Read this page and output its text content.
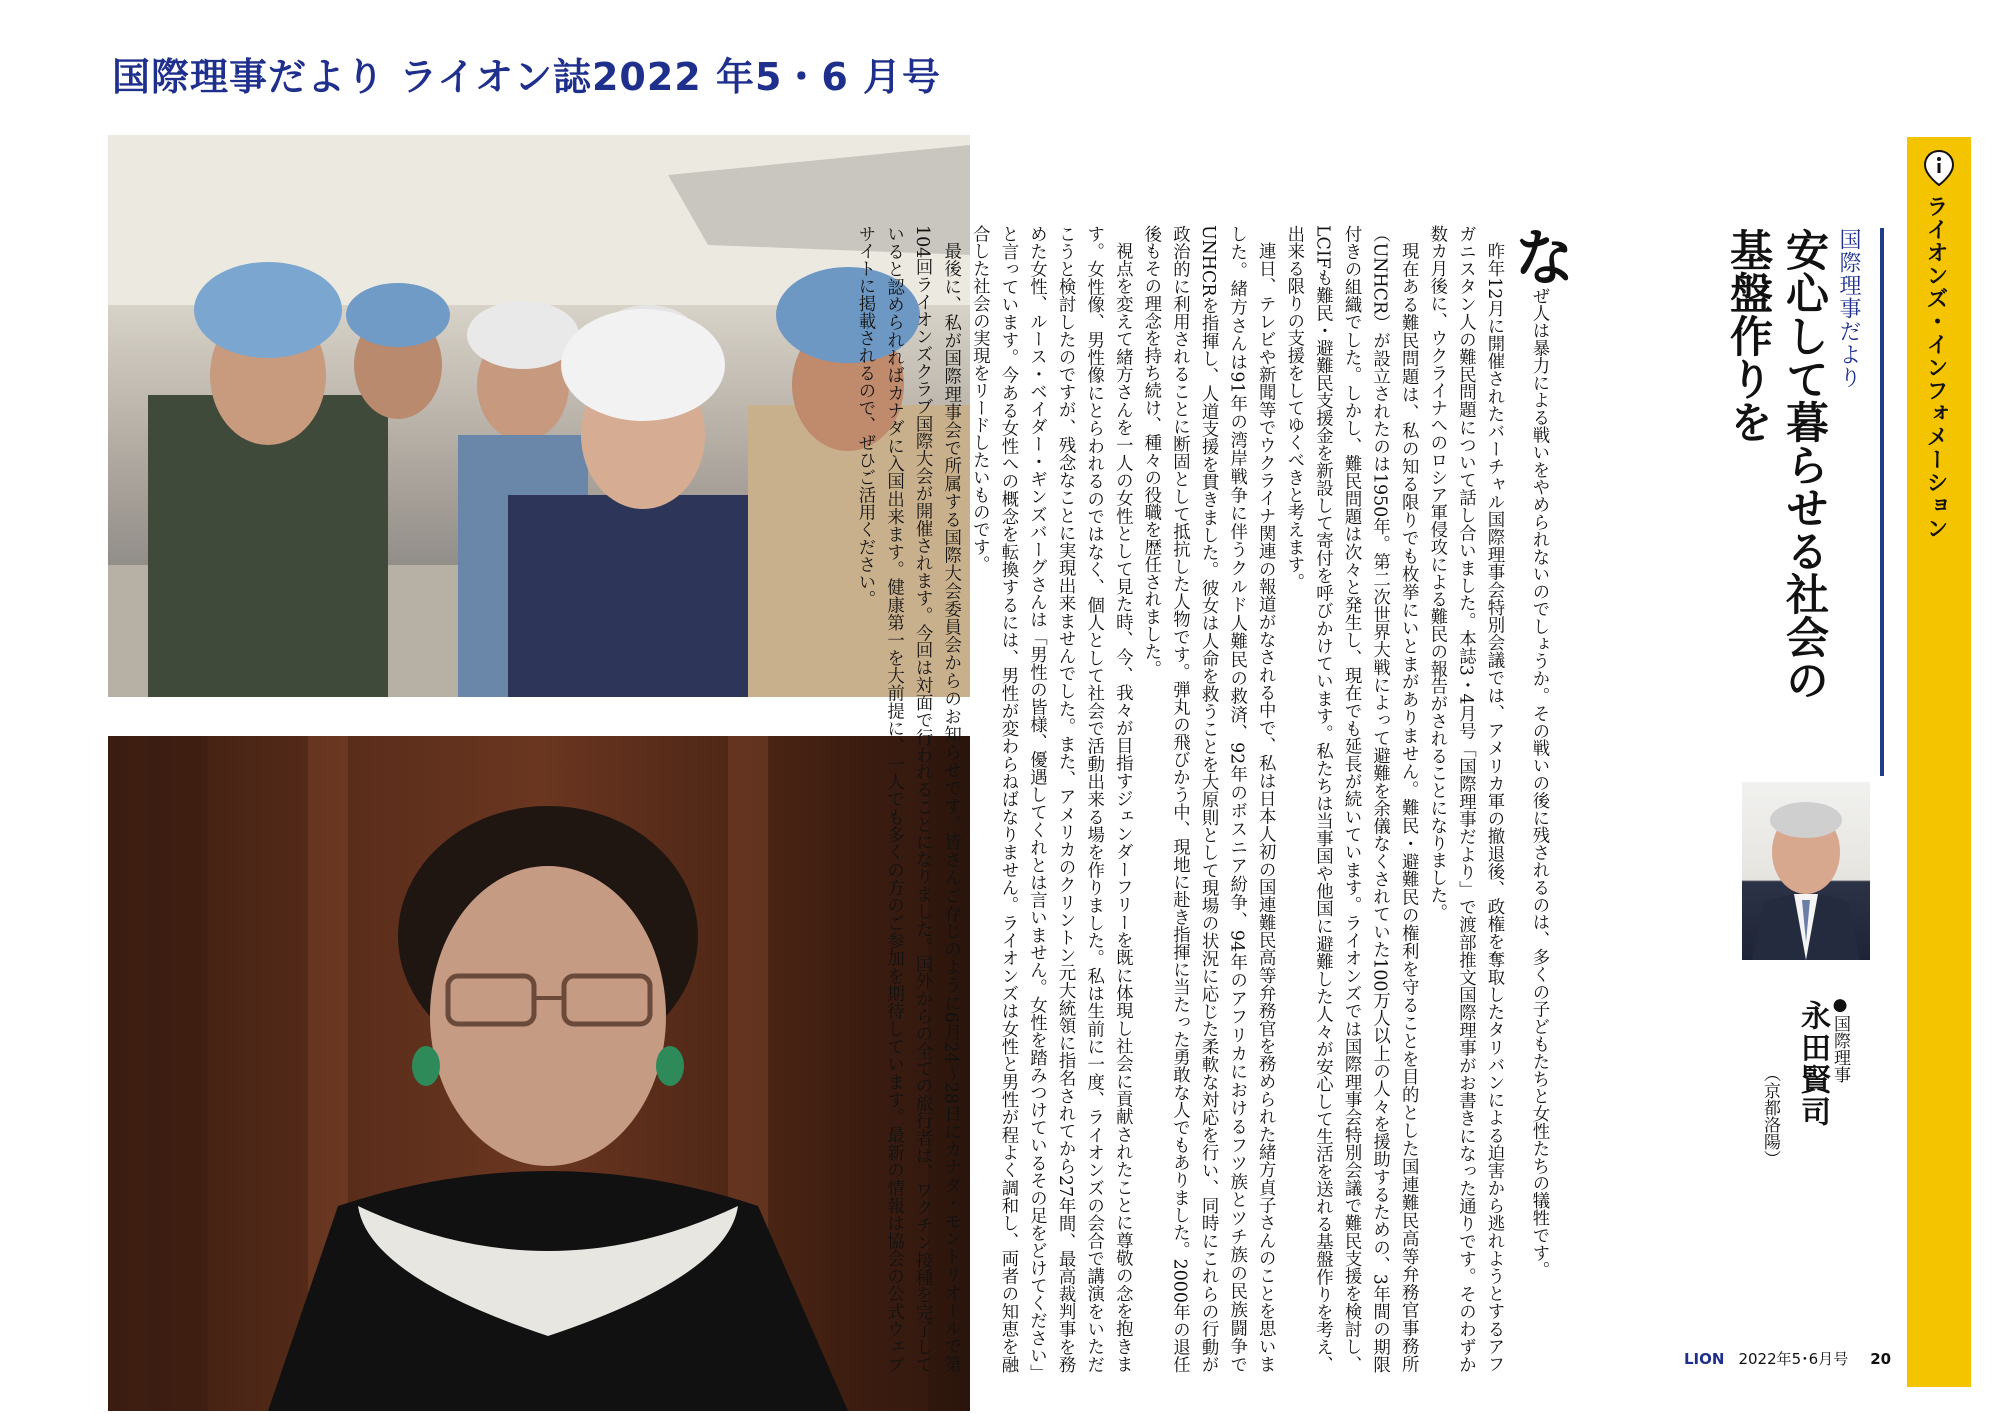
国際理事だより ライオン誌2022 年5・6 月号
ライオンズ・インフォメーション
国際理事だより
安心して暮らせる社会の
基盤作りを

なぜ人は暴力による戦いをやめられないのでしょうか。その戦いの後に残されるのは、多くの子どもたちと女性たちの犠牲です。

昨年12月に開催されたバーチャル国際理事会特別会議では、アメリカ軍の撤退後、政権を奪取したタリバンによる迫害から逃れようとするアフガニスタン人の難民問題について話し合いました。本誌3・4月号「国際理事だより」で渡部推文国際理事がお書きになった通りです。そのわずか数カ月後に、ウクライナへのロシア軍侵攻による難民の報告がされることになりました。

現在ある難民問題は、私の知る限りでも枚挙にいとまがありません。難民・避難民の権利を守ることを目的とした国連難民高等弁務官事務所（UNHCR）が設立されたのは1950年。第二次世界大戦によって避難を余儀なくされていた100万人以上の人々を援助するための、3年間の期限付きの組織でした。しかし、難民問題は次々と発生し、現在でも延長が続いています。ライオンズでは国際理事会特別会議で難民支援を検討し、LCIFも難民・避難民支援金を新設して寄付を呼びかけています。私たちは当事国や他国に避難した人々が安心して生活を送れる基盤作りを考え、出来る限りの支援をしてゆくべきと考えます。

連日、テレビや新聞等でウクライナ関連の報道がなされる中で、私は日本人初の国連難民高等弁務官を務められた緒方貞子さんのことを思いました。緒方さんは91年の湾岸戦争に伴うクルド人難民の救済、92年のボスニア紛争、94年のアフリカにおけるフツ族とツチ族の民族闘争でUNHCRを指揮し、人道支援を貫きました。彼女は人命を救うことを大原則として現場の状況に応じた柔軟な対応を行い、同時にこれらの行動が政治的に利用されることに断固として抵抗した人物です。弾丸の飛びかう中、現地に赴き指揮に当たった勇敢な人でもありました。2000年の退任後もその理念を持ち続け、種々の役職を歴任されました。

視点を変えて緒方さんを一人の女性として見た時、今、我々が目指すジェンダーフリーを既に体現し社会に貢献されたことに尊敬の念を抱きます。女性像、男性像にとらわれるのではなく、個人として社会で活動出来る場を作りました。私は生前に一度、ライオンズの会合で講演をいただこうと検討したのですが、残念なことに実現出来ませんでした。また、アメリカのクリントン元大統領に指名されてから27年間、最高裁判事を務めた女性、ルース・ベイダー・ギンズバーグさんは「男性の皆様、優遇してくれとは言いません。女性を踏みつけているその足をどけてください」と言っています。今ある女性への概念を転換するには、男性が変わらねばなりません。ライオンズは女性と男性が程よく調和し、両者の知恵を融合した社会の実現をリードしたいものです。

最後に、私が国際理事会で所属する国際大会委員会からのお知らせです。皆さんご存じのように6月24～28日にカナダ・モントリオールで第104回ライオンズクラブ国際大会が開催されます。今回は対面で行われることになりました。国外からの全ての旅行者は、ワクチン接種を完了していると認められればカナダに入国出来ます。健康第一を大前提に、一人でも多くの方のご参加を期待しています。最新の情報は協会の公式ウェブサイトに掲載されるので、ぜひご活用ください。

●国際理事
永田賢司
（京都洛陽）
LION 2022年5･6月号 20
